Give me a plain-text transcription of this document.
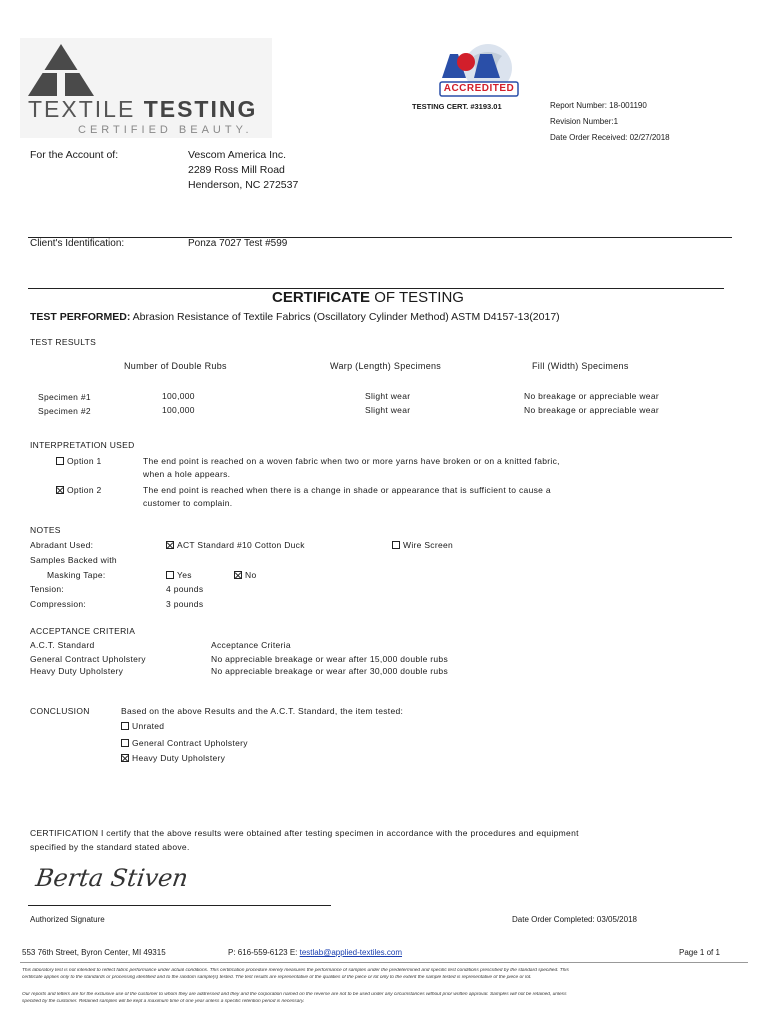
TEXTILE TESTING
CERTIFIED BEAUTY.
ACCREDITED
TESTING CERT. #3193.01	Report Number: 18-001190
Revision Number:1
Date Order Received: 02/27/2018
For the Account of:	Vescom America Inc.
2289 Ross Mill Road
Henderson, NC 272537
Client's Identification:	Ponza 7027 Test #599
CERTIFICATE OF TESTING
TEST PERFORMED: Abrasion Resistance of Textile Fabrics (Oscillatory Cylinder Method) ASTM D4157-13(2017)
TEST RESULTS
Number of Double Rubs	Warp (Length) Specimens	Fill (Width) Specimens
Specimen #1	100,000	Slight wear	No breakage or appreciable wear
Specimen #2	100,000	Slight wear	No breakage or appreciable wear
INTERPRETATION USED
Option 1	The end point is reached on a woven fabric when two or more yarns have broken or on a knitted fabric,
when a hole appears.
Option 2	The end point is reached when there is a change in shade or appearance that is sufficient to cause a
customer to complain.
NOTES
Abradant Used:	ACT Standard #10 Cotton Duck	Wire Screen
Samples Backed with
Masking Tape:	Yes	No
Tension:	4 pounds
Compression:	3 pounds
ACCEPTANCE CRITERIA
A.C.T. Standard	Acceptance Criteria
General Contract Upholstery	No appreciable breakage or wear after 15,000 double rubs
Heavy Duty Upholstery	No appreciable breakage or wear after 30,000 double rubs
CONCLUSION	Based on the above Results and the A.C.T. Standard, the item tested:
Unrated
General Contract Upholstery
Heavy Duty Upholstery
CERTIFICATION I certify that the above results were obtained after testing specimen in accordance with the procedures and equipment
specified by the standard stated above.
Berta Stiven
Authorized Signature	Date Order Completed: 03/05/2018
553 76th Street, Byron Center, MI 49315	P: 616-559-6123 E: testlab@applied-textiles.com	Page 1 of 1
This laboratory test is not intended to reflect fabric performance under actual conditions. This certification procedure merely measures the performance of samples under the predetermined and specific test conditions prescribed by the standard specified. This
certificate applies only to the standards or processing identified and to the random sample(s) tested. The test results are representative of the qualities of the piece or lot only to the extent the sample tested is representative of the piece or lot.
Our reports and letters are for the exclusive use of the customer to whom they are addressed and they and the corporation named on the reverse are not to be used under any circumstances without prior written approval. Samples will not be retained, unless
specified by the customer. Retained samples will be kept a maximum time of one year unless a specific retention period is necessary.
